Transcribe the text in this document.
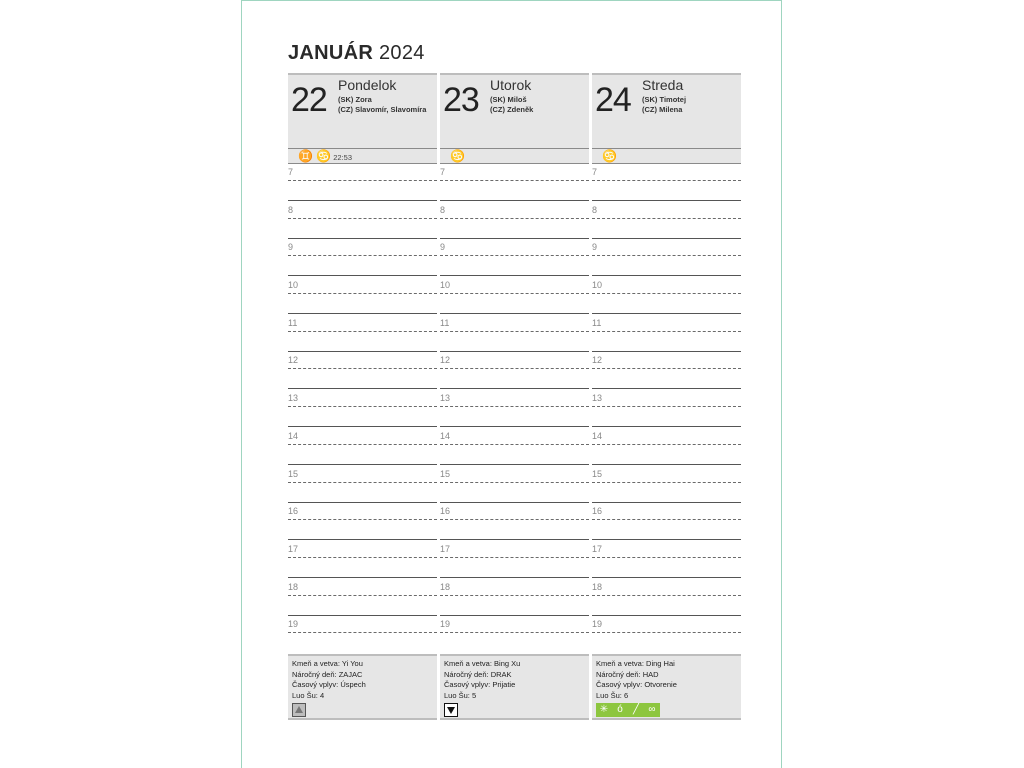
JANUÁR 2024
22 Pondelok
(SK) Zora
(CZ) Slavomír, Slavomíra
♊ ♋ 22:53
7
8
9
10
11
12
13
14
15
16
17
18
19
Kmeň a vetva: Yi You
Náročný deň: ZAJAC
Časový vplyv: Úspech
Luo Šu: 4
23 Utorok
(SK) Miloš
(CZ) Zdeněk
♋
7
8
9
10
11
12
13
14
15
16
17
18
19
Kmeň a vetva: Bing Xu
Náročný deň: DRAK
Časový vplyv: Prijatie
Luo Šu: 5
24 Streda
(SK) Timotej
(CZ) Milena
♋
7
8
9
10
11
12
13
14
15
16
17
18
19
Kmeň a vetva: Ding Hai
Náročný deň: HAD
Časový vplyv: Otvorenie
Luo Šu: 6
✳ ó	╱ ∞
